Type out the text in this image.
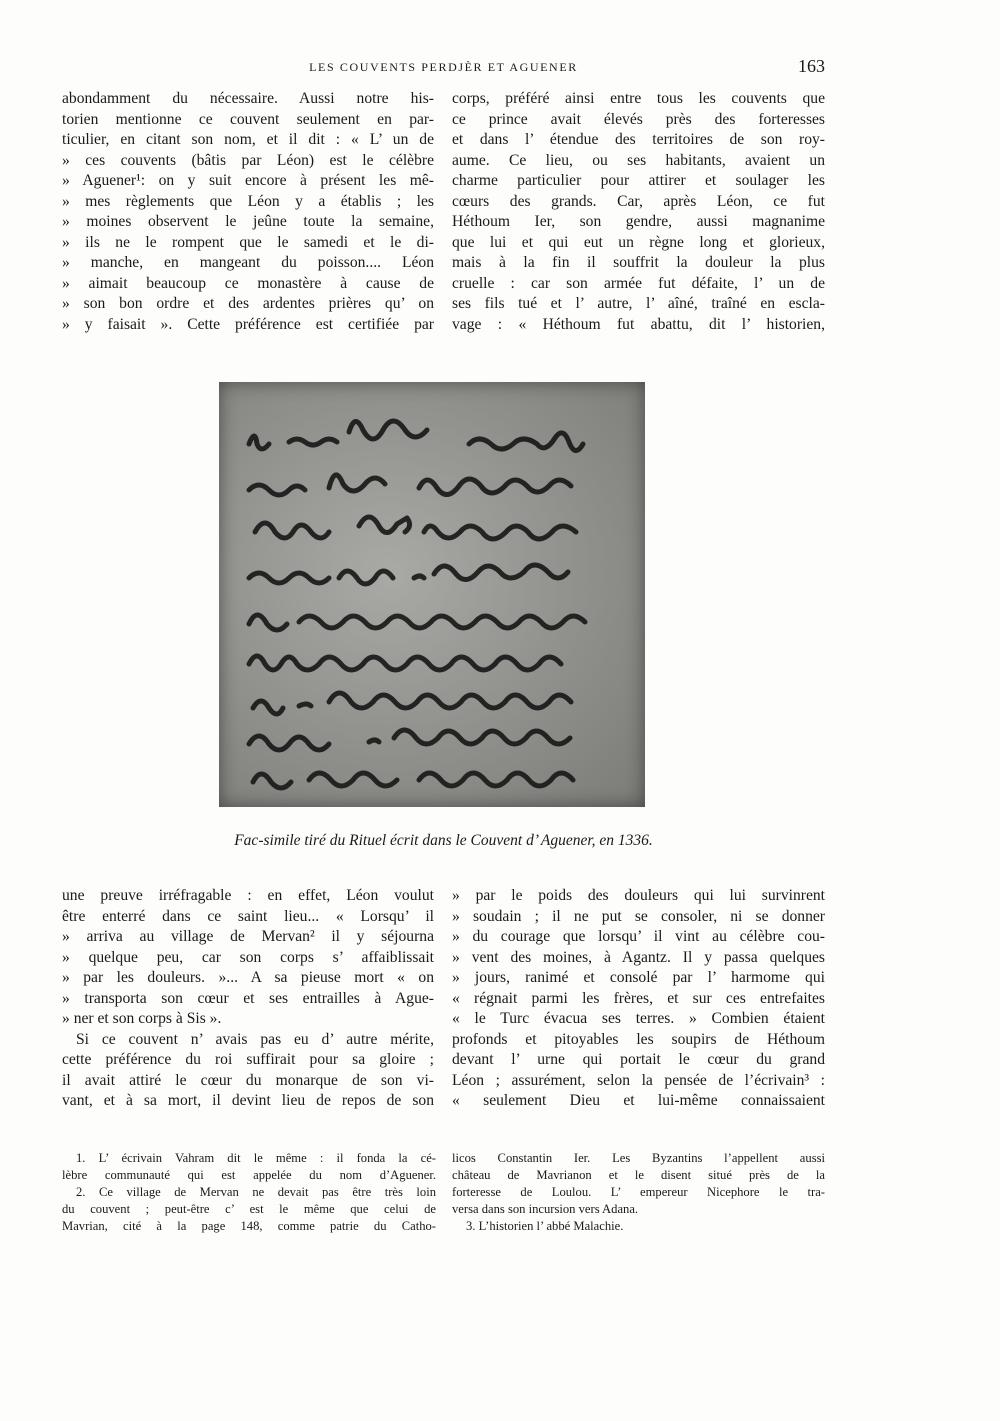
LES COUVENTS PERDJÈR ET AGUENER	163
abondamment du nécessaire. Aussi notre his-
torien mentionne ce couvent seulement en par-
ticulier, en citant son nom, et il dit : « L’ un de
» ces couvents (bâtis par Léon) est le célèbre
» Aguener¹: on y suit encore à présent les mê-
» mes règlements que Léon y a établis ; les
» moines observent le jeûne toute la semaine,
» ils ne le rompent que le samedi et le di-
» manche, en mangeant du poisson.... Léon
» aimait beaucoup ce monastère à cause de
» son bon ordre et des ardentes prières qu’ on
» y faisait ». Cette préférence est certifiée par
corps, préféré ainsi entre tous les couvents que
ce prince avait élevés près des forteresses
et dans l’ étendue des territoires de son roy-
aume. Ce lieu, ou ses habitants, avaient un
charme particulier pour attirer et soulager les
cœurs des grands. Car, après Léon, ce fut
Héthoum Ier, son gendre, aussi magnanime
que lui et qui eut un règne long et glorieux,
mais à la fin il souffrit la douleur la plus
cruelle : car son armée fut défaite, l’ un de
ses fils tué et l’ autre, l’ aîné, traîné en escla-
vage : « Héthoum fut abattu, dit l’ historien,
Fac-simile tiré du Rituel écrit dans le Couvent d’ Aguener, en 1336.
une preuve irréfragable : en effet, Léon voulut
être enterré dans ce saint lieu... « Lorsqu’ il
» arriva au village de Mervan² il y séjourna
» quelque peu, car son corps s’ affaiblissait
» par les douleurs. »... A sa pieuse mort « on
» transporta son cœur et ses entrailles à Ague-
» ner et son corps à Sis ».
Si ce couvent n’ avais pas eu d’ autre mérite,
cette préférence du roi suffirait pour sa gloire ;
il avait attiré le cœur du monarque de son vi-
vant, et à sa mort, il devint lieu de repos de son
» par le poids des douleurs qui lui survinrent
» soudain ; il ne put se consoler, ni se donner
» du courage que lorsqu’ il vint au célèbre cou-
» vent des moines, à Agantz. Il y passa quelques
» jours, ranimé et consolé par l’ harmome qui
« régnait parmi les frères, et sur ces entrefaites
« le Turc évacua ses terres. » Combien étaient
profonds et pitoyables les soupirs de Héthoum
devant l’ urne qui portait le cœur du grand
Léon ; assurément, selon la pensée de l’écrivain³ :
« seulement Dieu et lui-même connaissaient
1. L’ écrivain Vahram dit le même : il fonda la cé-
lèbre communauté qui est appelée du nom d’Aguener.
2. Ce village de Mervan ne devait pas être très loin
du couvent ; peut-être c’ est le même que celui de
Mavrian, cité à la page 148, comme patrie du Catho-
licos Constantin Ier. Les Byzantins l’appellent aussi
château de Mavrianon et le disent situé près de la
forteresse de Loulou. L’ empereur Nicephore le tra-
versa dans son incursion vers Adana.
3. L’historien l’ abbé Malachie.
